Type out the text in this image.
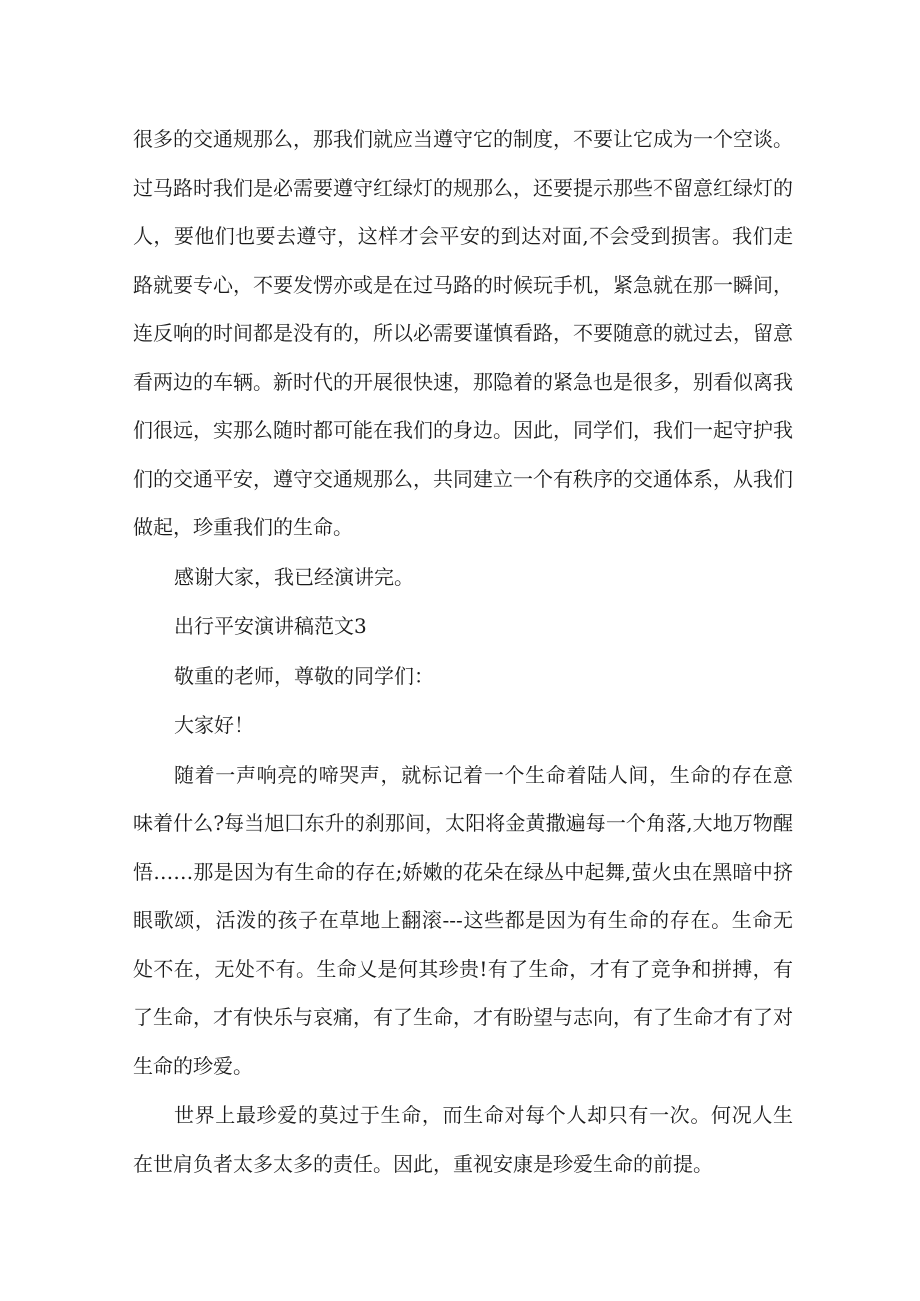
很多的交通规那么，那我们就应当遵守它的制度，不要让它成为一个空谈。过马路时我们是必需要遵守红绿灯的规那么，还要提示那些不留意红绿灯的人，要他们也要去遵守，这样才会平安的到达对面,不会受到损害。我们走路就要专心，不要发愣亦或是在过马路的时候玩手机，紧急就在那一瞬间，连反响的时间都是没有的，所以必需要谨慎看路，不要随意的就过去，留意看两边的车辆。新时代的开展很快速，那隐着的紧急也是很多，别看似离我们很远，实那么随时都可能在我们的身边。因此，同学们，我们一起守护我们的交通平安，遵守交通规那么，共同建立一个有秩序的交通体系，从我们做起，珍重我们的生命。

感谢大家，我已经演讲完。

出行平安演讲稿范文3

敬重的老师，尊敬的同学们：

大家好！

随着一声响亮的啼哭声，就标记着一个生命着陆人间，生命的存在意味着什么?每当旭囗东升的刹那间，太阳将金黄撒遍每一个角落,大地万物醒悟……那是因为有生命的存在;娇嫩的花朵在绿丛中起舞,萤火虫在黑暗中挤眼歌颂，活泼的孩子在草地上翻滚---这些都是因为有生命的存在。生命无处不在，无处不有。生命乂是何其珍贵!有了生命，才有了竞争和拼搏，有了生命，才有快乐与哀痛，有了生命，才有盼望与志向，有了生命才有了对生命的珍爱。

世界上最珍爱的莫过于生命，而生命对每个人却只有一次。何况人生在世肩负者太多太多的责任。因此，重视安康是珍爱生命的前提。
